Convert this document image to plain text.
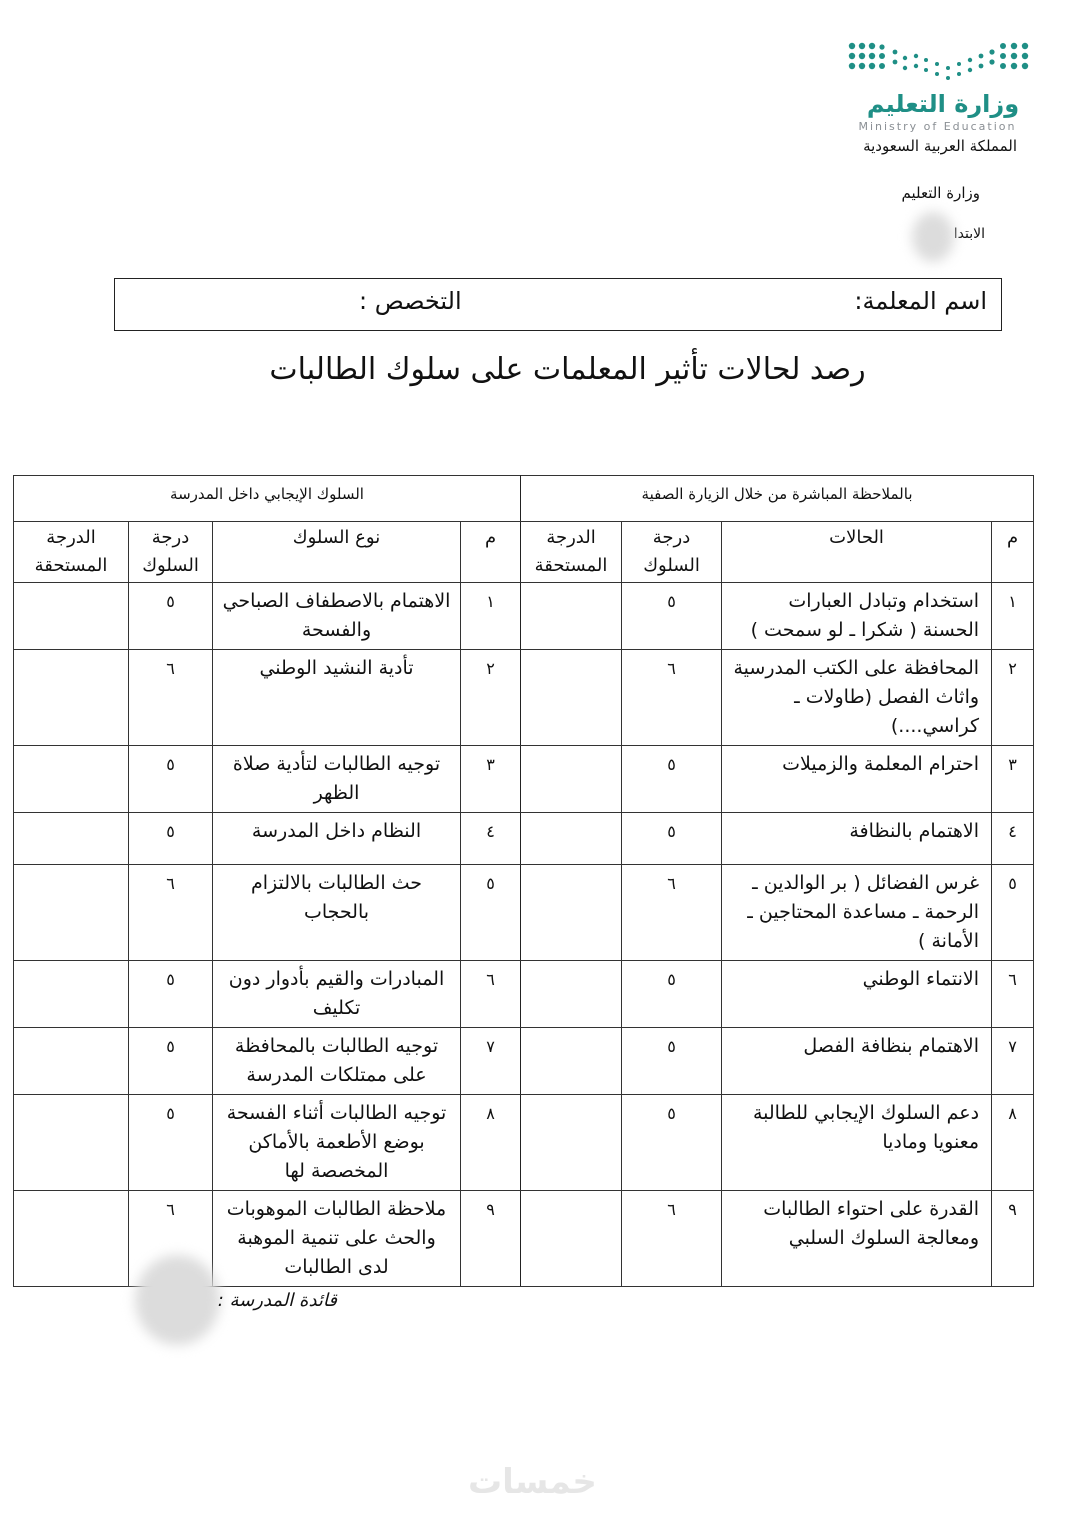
وزارة التعليم
Ministry of Education
المملكة العربية السعودية
وزارة التعليم
الابتدا
اسم المعلمة:
التخصص :
رصد لحالات تأثير المعلمات على سلوك الطالبات
بالملاحظة المباشرة من خلال الزيارة الصفية				السلوك الإيجابي داخل المدرسة			
م	الحالات	درجة السلوك	الدرجة المستحقة	م	نوع السلوك	درجة السلوك	الدرجة المستحقة
١	استخدام وتبادل العبارات الحسنة ( شكرا ـ لو سمحت )	٥		١	الاهتمام بالاصطفاف الصباحي والفسحة	٥	
٢	المحافظة على الكتب المدرسية واثاث الفصل (طاولات ـ كراسي....)	٦		٢	تأدية النشيد الوطني	٦	
٣	احترام المعلمة والزميلات	٥		٣	توجيه الطالبات لتأدية صلاة الظهر	٥	
٤	الاهتمام بالنظافة	٥		٤	النظام داخل المدرسة	٥	
٥	غرس الفضائل ( بر الوالدين ـ الرحمة ـ مساعدة المحتاجين ـ الأمانة )	٦		٥	حث الطالبات بالالتزام بالحجاب	٦	
٦	الانتماء الوطني	٥		٦	المبادرات والقيم بأدوار دون تكليف	٥	
٧	الاهتمام بنظافة الفصل	٥		٧	توجيه الطالبات بالمحافظة على ممتلكات المدرسة	٥	
٨	دعم السلوك الإيجابي للطالبة معنويا وماديا	٥		٨	توجيه الطالبات أثناء الفسحة بوضع الأطعمة بالأماكن المخصصة لها	٥	
٩	القدرة على احتواء الطالبات ومعالجة السلوك السلبي	٦		٩	ملاحظة الطالبات الموهوبات والحث على تنمية الموهبة لدى الطالبات	٦	
قائدة المدرسة :
خمسات
